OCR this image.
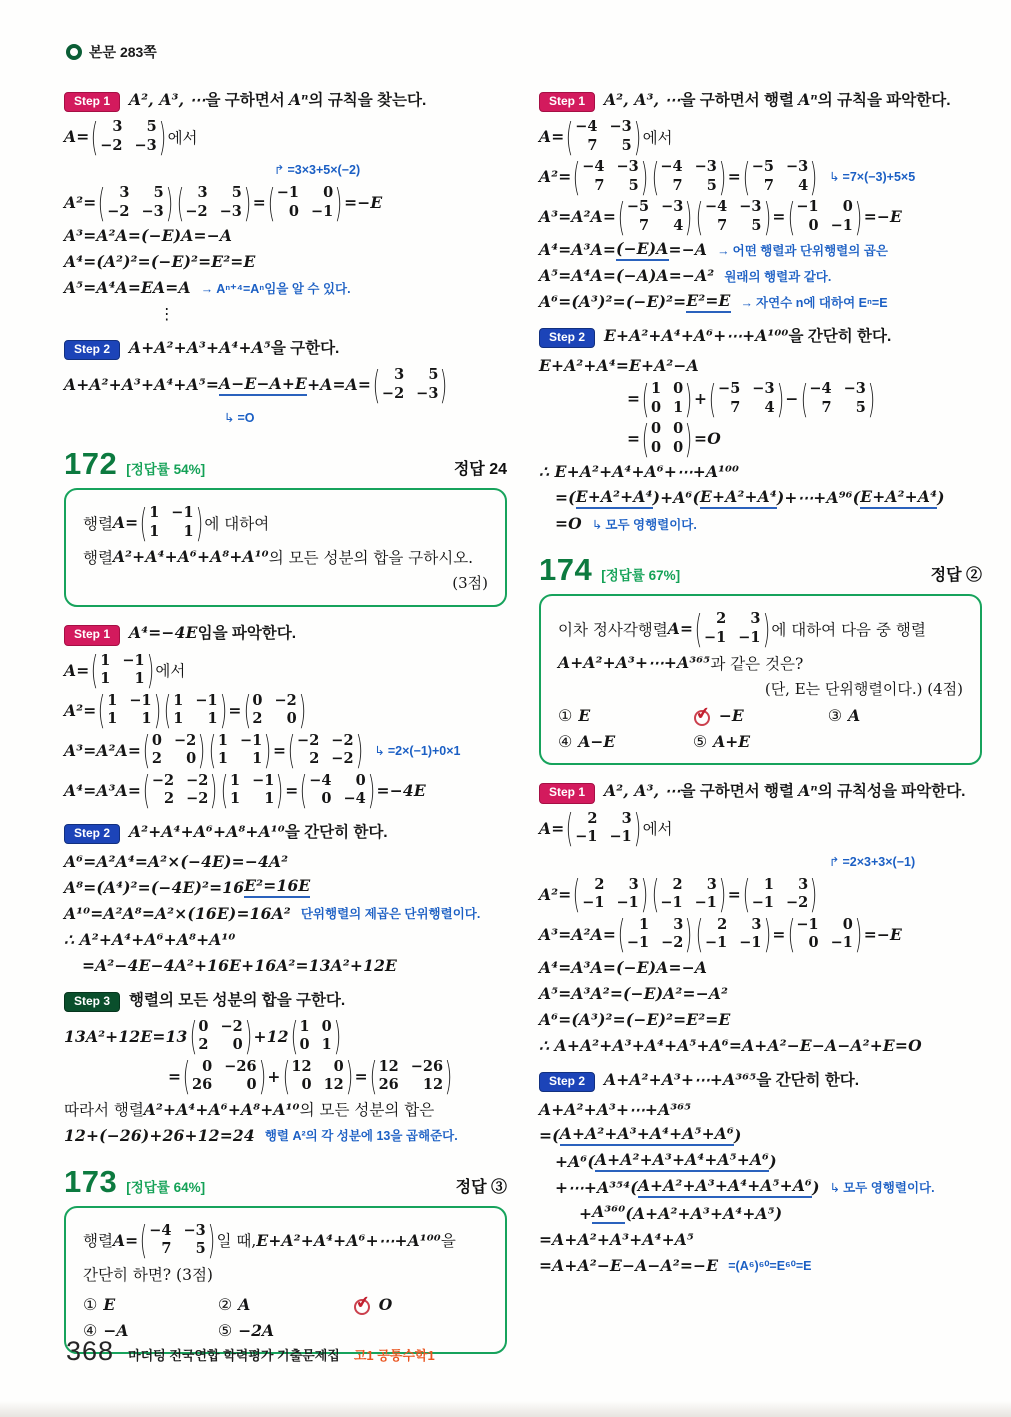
본문 283쪽
Step 1	A², A³, ⋯을 구하면서 Aⁿ의 규칙을 찾는다.
A= ( 3 5
−2 −3 ) 에서
↱ =3×3+5×(−2)
A²= ( 3 5
−2 −3 ) ( 3 5
−2 −3 ) = ( −1 0
0 −1 ) =−E
A³=A²A=(−E)A=−A
A⁴=(A²)²=(−E)²=E²=E
A⁵=A⁴A=EA=A → Aⁿ⁺⁴=Aⁿ임을 알 수 있다.
⋮
Step 2	A+A²+A³+A⁴+A⁵을 구한다.
A+A²+A³+A⁴+A⁵= A−E−A+E +A=A= ( 3 5
−2 −3 )
↳ =O
172 [정답률 54%]	정답 24
행렬 A= ( 1 −1
1 1 ) 에 대하여
행렬 A²+A⁴+A⁶+A⁸+A¹⁰ 의 모든 성분의 합을 구하시오.
(3점)
Step 1	A⁴=−4E임을 파악한다.
A= ( 1 −1
1 1 ) 에서
A²= ( 1 −1
1 1 ) ( 1 −1
1 1 ) = ( 0 −2
2 0 )
A³=A²A= ( 0 −2
2 0 ) ( 1 −1
1 1 ) = ( −2 −2
2 −2 ) ↳ =2×(−1)+0×1
A⁴=A³A= ( −2 −2
2 −2 ) ( 1 −1
1 1 ) = ( −4 0
0 −4 ) =−4E
Step 2	A²+A⁴+A⁶+A⁸+A¹⁰을 간단히 한다.
A⁶=A²A⁴=A²×(−4E)=−4A²
A⁸=(A⁴)²=(−4E)²=16 E²=16E
A¹⁰=A²A⁸=A²×(16E)=16A² 단위행렬의 제곱은 단위행렬이다.
∴ A²+A⁴+A⁶+A⁸+A¹⁰
=A²−4E−4A²+16E+16A²=13A²+12E
Step 3	행렬의 모든 성분의 합을 구한다.
13A²+12E=13 ( 0 −2
2 0 ) +12 ( 1 0
0 1 )
= ( 0 −26
26 0 ) + ( 12 0
0 12 ) = ( 12 −26
26 12 )
따라서 행렬 A²+A⁴+A⁶+A⁸+A¹⁰ 의 모든 성분의 합은
12+(−26)+26+12=24 행렬 A²의 각 성분에 13을 곱해준다.
173 [정답률 64%]	정답 ③
행렬 A= ( −4 −3
7 5 ) 일 때, E+A²+A⁴+A⁶+⋯+A¹⁰⁰ 을
간단히 하면? (3점)
① E	② A ✔	O
④ −A	⑤ −2A
Step 1	A², A³, ⋯을 구하면서 행렬 Aⁿ의 규칙을 파악한다.
A= ( −4 −3
7 5 ) 에서
A²= ( −4 −3
7 5 ) ( −4 −3
7 5 ) = ( −5 −3
7 4 ) ↳ =7×(−3)+5×5
A³=A²A= ( −5 −3
7 4 ) ( −4 −3
7 5 ) = ( −1 0
0 −1 ) =−E
A⁴=A³A= (−E)A =−A → 어떤 행렬과 단위행렬의 곱은
A⁵=A⁴A=(−A)A=−A² 원래의 행렬과 같다.
A⁶=(A³)²=(−E)²= E²=E → 자연수 n에 대하여 Eⁿ=E
Step 2	E+A²+A⁴+A⁶+⋯+A¹⁰⁰을 간단히 한다.
E+A²+A⁴=E+A²−A
= ( 1 0
0 1 ) + ( −5 −3
7 4 ) − ( −4 −3
7 5 )
= ( 0 0
0 0 ) =O
∴ E+A²+A⁴+A⁶+⋯+A¹⁰⁰
=( E+A²+A⁴ )+A⁶( E+A²+A⁴ )+⋯+A⁹⁶( E+A²+A⁴ )
=O ↳ 모두 영행렬이다.
174 [정답률 67%]	정답 ②
이차 정사각행렬 A= ( 2 3
−1 −1 ) 에 대하여 다음 중 행렬
A+A²+A³+⋯+A³⁶⁵ 과 같은 것은?
(단, E는 단위행렬이다.) (4점)
① E ✔	−E	③ A
④ A−E	⑤ A+E
Step 1	A², A³, ⋯을 구하면서 행렬 Aⁿ의 규칙성을 파악한다.
A= ( 2 3
−1 −1 ) 에서
↱ =2×3+3×(−1)
A²= ( 2 3
−1 −1 ) ( 2 3
−1 −1 ) = ( 1 3
−1 −2 )
A³=A²A= ( 1 3
−1 −2 ) ( 2 3
−1 −1 ) = ( −1 0
0 −1 ) =−E
A⁴=A³A=(−E)A=−A
A⁵=A³A²=(−E)A²=−A²
A⁶=(A³)²=(−E)²=E²=E
∴ A+A²+A³+A⁴+A⁵+A⁶=A+A²−E−A−A²+E=O
Step 2	A+A²+A³+⋯+A³⁶⁵을 간단히 한다.
A+A²+A³+⋯+A³⁶⁵
=( A+A²+A³+A⁴+A⁵+A⁶ )
+A⁶( A+A²+A³+A⁴+A⁵+A⁶ )
+⋯+A³⁵⁴( A+A²+A³+A⁴+A⁵+A⁶ ) ↳ 모두 영행렬이다.
+ A³⁶⁰ (A+A²+A³+A⁴+A⁵)
=A+A²+A³+A⁴+A⁵
=A+A²−E−A−A²=−E =(A⁶)⁶⁰=E⁶⁰=E
368 마더텅 전국연합 학력평가 기출문제집 고1 공통수학1
